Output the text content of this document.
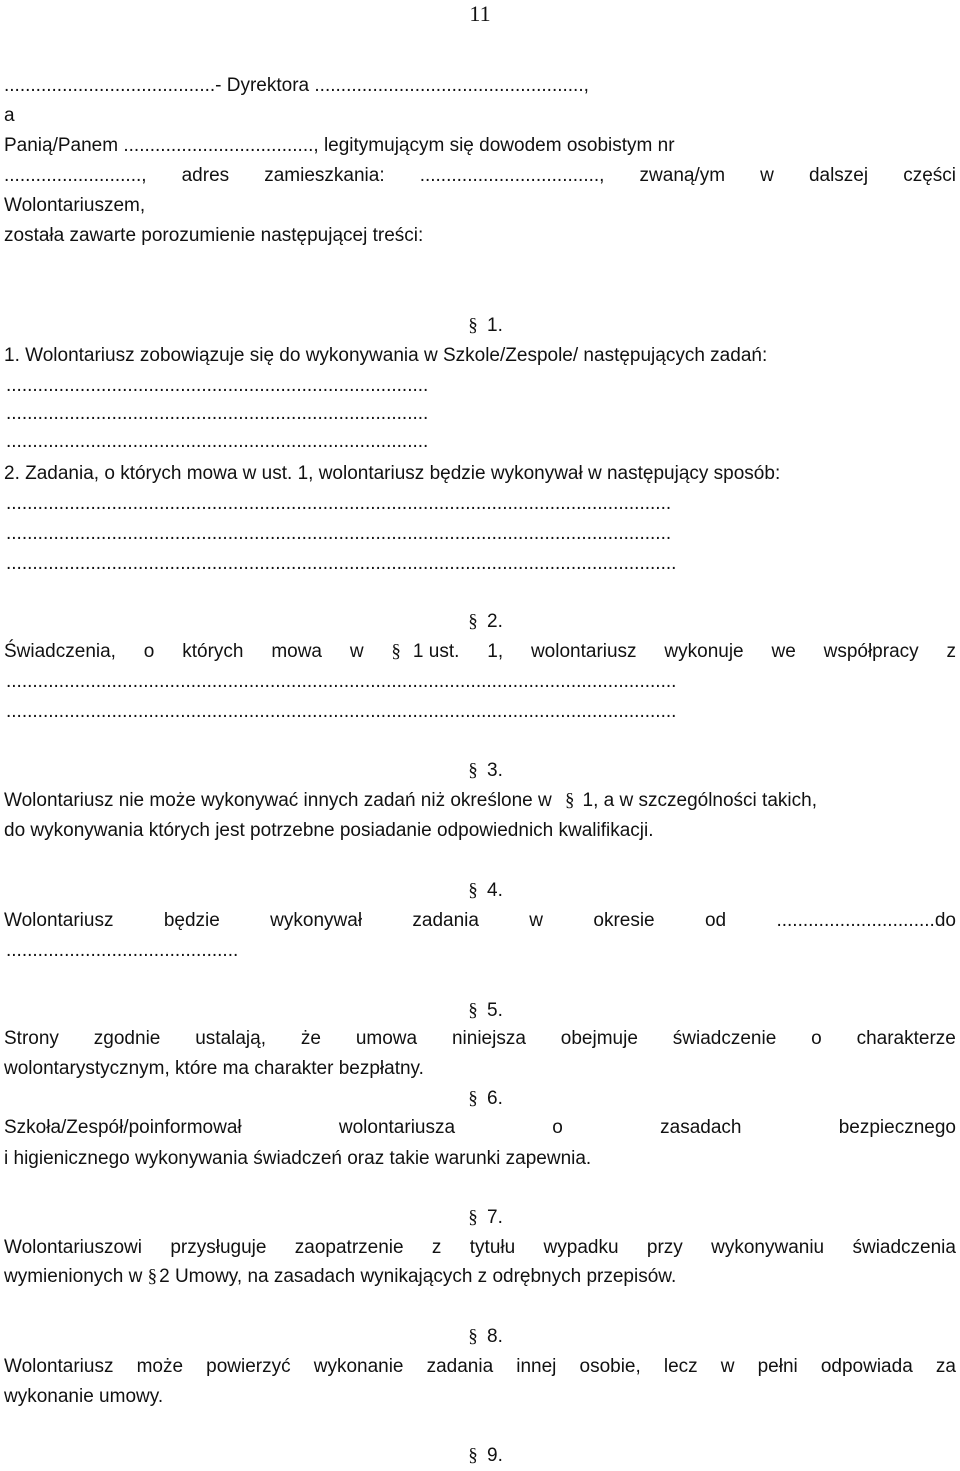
11
........................................- Dyrektora ...................................................,
a
Panią/Panem ...................................., legitymującym się dowodem osobistym nr
.........................., adres zamieszkania: .................................., zwaną/ym w dalszej części
Wolontariuszem,
została zawarte porozumienie następującej treści:
§ 1.
1. Wolontariusz zobowiązuje się do wykonywania w Szkole/Zespole/ następujących zadań:
................................................................................
................................................................................
................................................................................
2. Zadania, o których mowa w ust. 1, wolontariusz będzie wykonywał w następujący sposób:
..............................................................................................................................
..............................................................................................................................
...............................................................................................................................
§ 2.
Świadczenia, o których mowa w § 1 ust. 1, wolontariusz wykonuje we współpracy z
...............................................................................................................................
...............................................................................................................................
§ 3.
Wolontariusz nie może wykonywać innych zadań niż określone w § 1, a w szczególności takich,
do wykonywania których jest potrzebne posiadanie odpowiednich kwalifikacji.
§ 4.
Wolontariusz	będzie	wykonywał	zadania	w	okresie	od	..............................do
............................................
§ 5.
Strony zgodnie ustalają, że umowa niniejsza obejmuje świadczenie o charakterze
wolontarystycznym, które ma charakter bezpłatny.
§ 6.
Szkoła/Zespół/poinformował	wolontariusza	o	zasadach	bezpiecznego
i higienicznego wykonywania świadczeń oraz takie warunki zapewnia.
§ 7.
Wolontariuszowi przysługuje zaopatrzenie z tytułu wypadku przy wykonywaniu świadczenia
wymienionych w § 2 Umowy, na zasadach wynikających z odrębnych przepisów.
§ 8.
Wolontariusz może powierzyć wykonanie zadania innej osobie, lecz w pełni odpowiada za
wykonanie umowy.
§ 9.
